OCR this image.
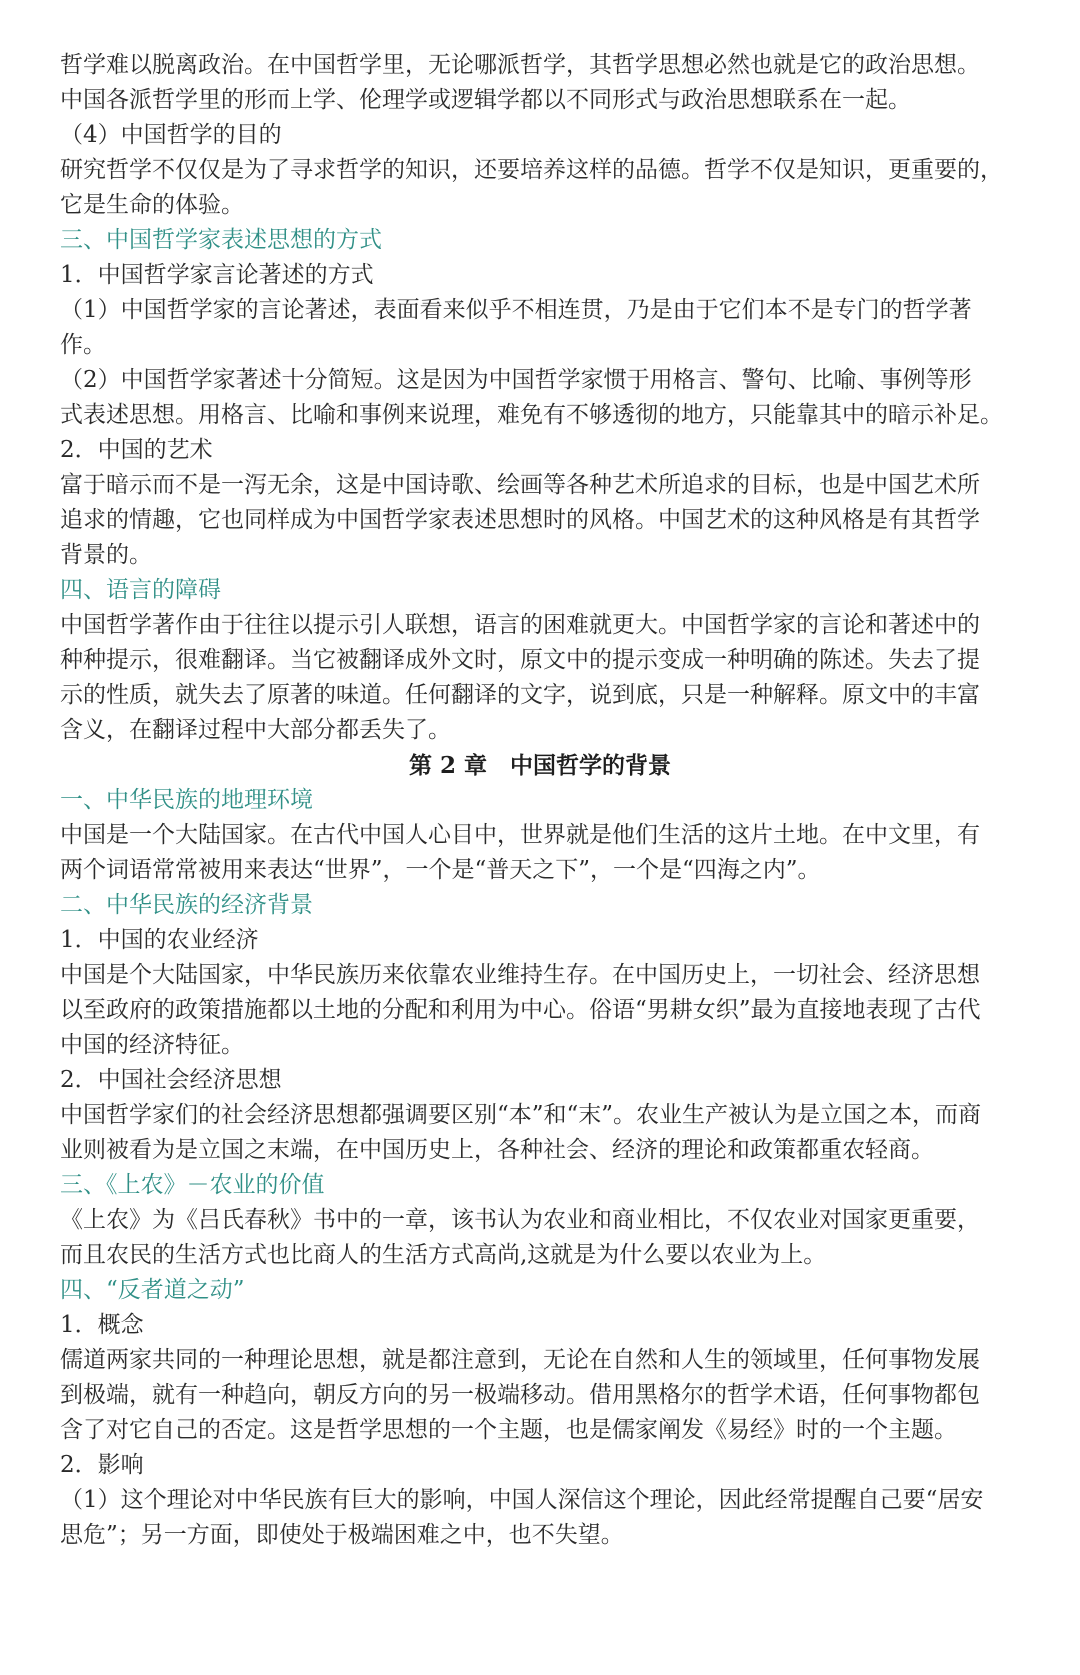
哲学难以脱离政治。在中国哲学里，无论哪派哲学，其哲学思想必然也就是它的政治思想。
中国各派哲学里的形而上学、伦理学或逻辑学都以不同形式与政治思想联系在一起。
（4）中国哲学的目的
研究哲学不仅仅是为了寻求哲学的知识，还要培养这样的品德。哲学不仅是知识，更重要的，
它是生命的体验。
三、中国哲学家表述思想的方式
1．中国哲学家言论著述的方式
（1）中国哲学家的言论著述，表面看来似乎不相连贯，乃是由于它们本不是专门的哲学著
作。
（2）中国哲学家著述十分简短。这是因为中国哲学家惯于用格言、警句、比喻、事例等形
式表述思想。用格言、比喻和事例来说理，难免有不够透彻的地方，只能靠其中的暗示补足。
2．中国的艺术
富于暗示而不是一泻无余，这是中国诗歌、绘画等各种艺术所追求的目标，也是中国艺术所
追求的情趣，它也同样成为中国哲学家表述思想时的风格。中国艺术的这种风格是有其哲学
背景的。
四、语言的障碍
中国哲学著作由于往往以提示引人联想，语言的困难就更大。中国哲学家的言论和著述中的
种种提示，很难翻译。当它被翻译成外文时，原文中的提示变成一种明确的陈述。失去了提
示的性质，就失去了原著的味道。任何翻译的文字，说到底，只是一种解释。原文中的丰富
含义，在翻译过程中大部分都丢失了。
第 2 章　中国哲学的背景
一、中华民族的地理环境
中国是一个大陆国家。在古代中国人心目中，世界就是他们生活的这片土地。在中文里，有
两个词语常常被用来表达“世界”，一个是“普天之下”，一个是“四海之内”。
二、中华民族的经济背景
1．中国的农业经济
中国是个大陆国家，中华民族历来依靠农业维持生存。在中国历史上，一切社会、经济思想
以至政府的政策措施都以土地的分配和利用为中心。俗语“男耕女织”最为直接地表现了古代
中国的经济特征。
2．中国社会经济思想
中国哲学家们的社会经济思想都强调要区别“本”和“末”。农业生产被认为是立国之本，而商
业则被看为是立国之末端，在中国历史上，各种社会、经济的理论和政策都重农轻商。
三、《上农》－农业的价值
《上农》为《吕氏春秋》书中的一章，该书认为农业和商业相比，不仅农业对国家更重要，
而且农民的生活方式也比商人的生活方式高尚,这就是为什么要以农业为上。
四、“反者道之动”
1．概念
儒道两家共同的一种理论思想，就是都注意到，无论在自然和人生的领域里，任何事物发展
到极端，就有一种趋向，朝反方向的另一极端移动。借用黑格尔的哲学术语，任何事物都包
含了对它自己的否定。这是哲学思想的一个主题，也是儒家阐发《易经》时的一个主题。
2．影响
（1）这个理论对中华民族有巨大的影响，中国人深信这个理论，因此经常提醒自己要“居安
思危”；另一方面，即使处于极端困难之中，也不失望。
